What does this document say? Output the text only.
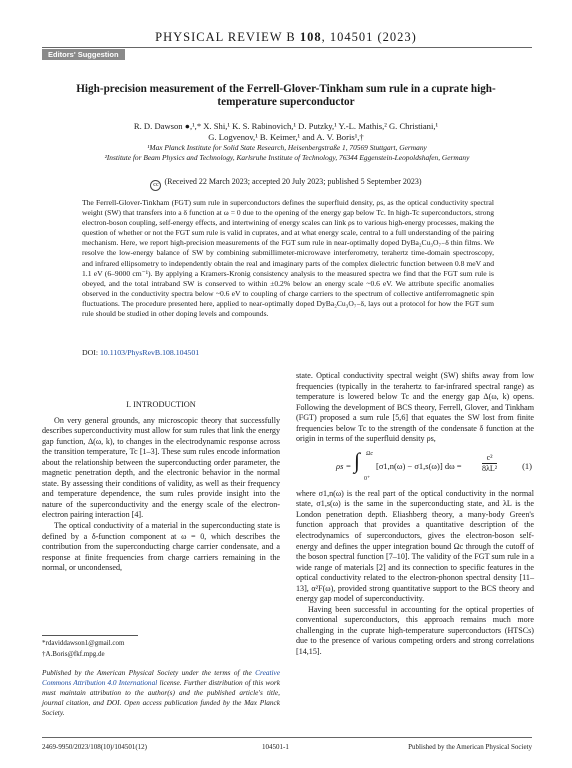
PHYSICAL REVIEW B 108, 104501 (2023)
Editors' Suggestion
High-precision measurement of the Ferrell-Glover-Tinkham sum rule in a cuprate high-temperature superconductor
R. D. Dawson ●,¹,* X. Shi,¹ K. S. Rabinovich,¹ D. Putzky,¹ Y.-L. Mathis,² G. Christiani,¹
G. Logvenov,¹ B. Keimer,¹ and A. V. Boris¹,†
¹Max Planck Institute for Solid State Research, Heisenbergstraße 1, 70569 Stuttgart, Germany
²Institute for Beam Physics and Technology, Karlsruhe Institute of Technology, 76344 Eggenstein-Leopoldshafen, Germany
cc (Received 22 March 2023; accepted 20 July 2023; published 5 September 2023)
The Ferrell-Glover-Tinkham (FGT) sum rule in superconductors defines the superfluid density, ρs, as the optical conductivity spectral weight (SW) that transfers into a δ function at ω = 0 due to the opening of the energy gap below Tc. In high-Tc superconductors, strong electron-boson coupling, self-energy effects, and intertwining of energy scales can link ρs to various high-energy processes, making the question of whether or not the FGT sum rule is valid in cuprates, and at what energy scale, central to a full understanding of the pairing mechanism. Here, we report high-precision measurements of the FGT sum rule in near-optimally doped DyBa₂Cu₃O₇₋δ thin films. We resolve the low-energy balance of SW by combining submillimeter-microwave interferometry, terahertz time-domain spectroscopy, and infrared ellipsometry to independently obtain the real and imaginary parts of the complex dielectric function between 0.8 meV and 1.1 eV (6–9000 cm⁻¹). By applying a Kramers-Kronig consistency analysis to the measured spectra we find that the FGT sum rule is obeyed, and the total intraband SW is conserved to within ±0.2% below an energy scale ~0.6 eV. We attribute specific anomalies observed in the conductivity spectra below ~0.6 eV to coupling of charge carriers to the spectrum of collective antiferromagnetic spin fluctuations. The procedure presented here, applied to near-optimally doped DyBa₂Cu₃O₇₋δ, lays out a protocol for how the FGT sum rule should be studied in other doping levels and compounds.
DOI: 10.1103/PhysRevB.108.104501
I. INTRODUCTION

On very general grounds, any microscopic theory that successfully describes superconductivity must allow for sum rules that link the energy gap function, Δ(ω, k), to changes in the electrodynamic response across the transition temperature, Tc [1–3]. These sum rules encode information about the relationship between the superconducting order parameter, the magnetic penetration depth, and the electronic behavior in the normal state. By assessing their conditions of validity, as well as their frequency and temperature dependence, the sum rules provide insight into the nature of the superconductivity and the energy scale of the electron-electron pairing interaction [4].

The optical conductivity of a material in the superconducting state is defined by a δ-function component at ω = 0, which describes the contribution from the superconducting charge carrier condensate, and a response at finite frequencies from charge carriers remaining in the normal, or uncondensed,

state. Optical conductivity spectral weight (SW) shifts away from low frequencies (typically in the terahertz to far-infrared spectral range) as temperature is lowered below Tc and the energy gap Δ(ω, k) opens. Following the development of BCS theory, Ferrell, Glover, and Tinkham (FGT) proposed a sum rule [5,6] that equates the SW lost from finite frequencies below Tc to the strength of the condensate δ function at the origin in terms of the superfluid density ρs,

ρs = ∫ Ωc
0⁺
[σ1,n(ω) − σ1,s(ω)] dω =	$\frac{\text{c²}}{\text{8λL²}}$	(1)

where σ1,n(ω) is the real part of the optical conductivity in the normal state, σ1,s(ω) is the same in the superconducting state, and λL is the London penetration depth. Eliashberg theory, a many-body Green's function approach that provides a quantitative description of the electrodynamics of superconductors, gives the electron-boson self-energy and defines the upper integration bound Ωc through the cutoff of the boson spectral function [7–10]. The validity of the FGT sum rule in a wide range of materials [2] and its connection to specific features in the optical conductivity related to the electron-phonon spectral density [11–13], α²F(ω), provided strong quantitative support to the BCS theory and energy gap model of superconductivity.

Having been successful in accounting for the optical properties of conventional superconductors, this approach remains much more challenging in the cuprate high-temperature superconductors (HTSCs) due to the presence of various competing orders and strong correlations [14,15].

*rdaviddawson1@gmail.com
†A.Boris@fkf.mpg.de
Published by the American Physical Society under the terms of the Creative Commons Attribution 4.0 International license. Further distribution of this work must maintain attribution to the author(s) and the published article's title, journal citation, and DOI. Open access publication funded by the Max Planck Society.
2469-9950/2023/108(10)/104501(12)	104501-1	Published by the American Physical Society
